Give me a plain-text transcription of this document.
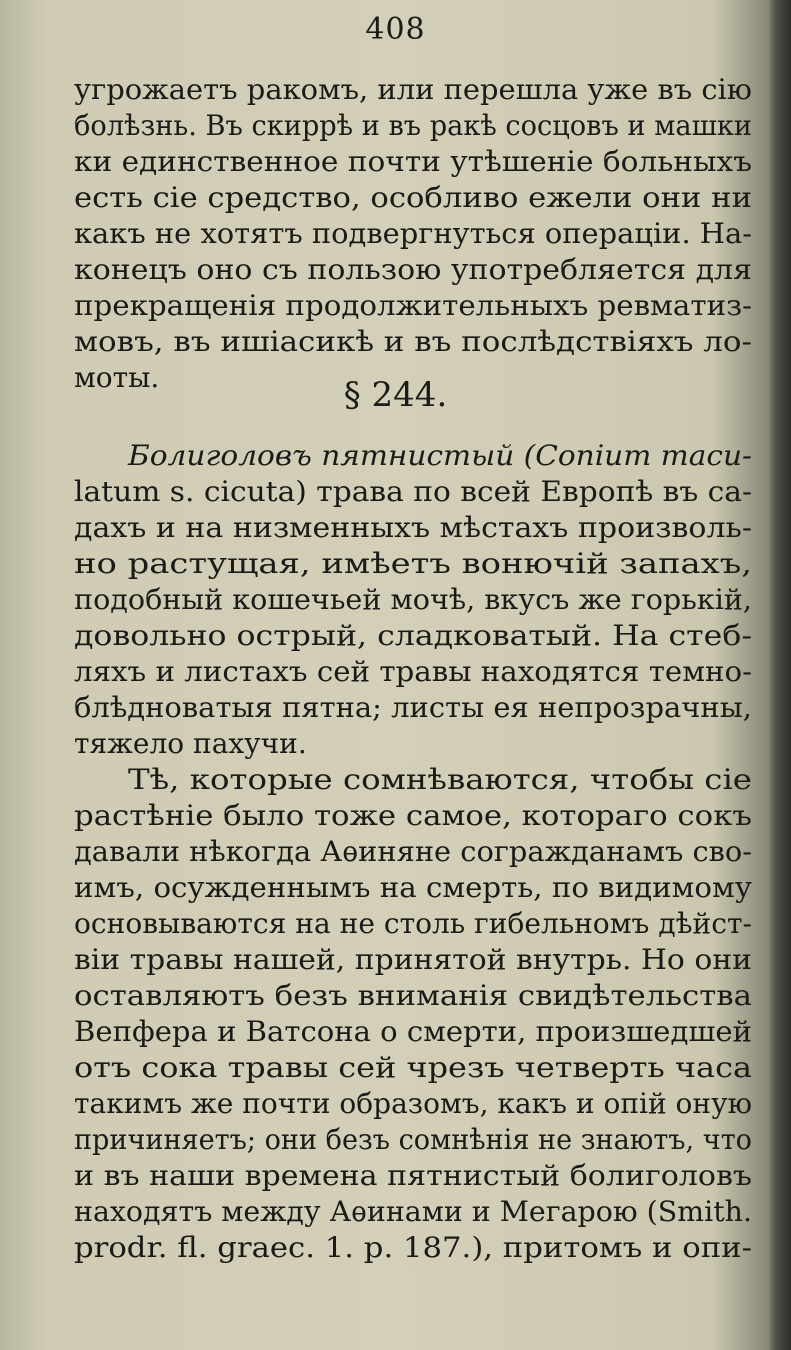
408
угрожаетъ ракомъ, или перешла уже въ сію
болѣзнь. Въ скиррѣ и въ ракѣ сосцовъ и машки
ки единственное почти утѣшеніе больныхъ
есть сіе средство, особливо ежели они ни
какъ не хотятъ подвергнуться операціи. На-
конецъ оно съ пользою употребляется для
прекращенія продолжительныхъ ревматиз-
мовъ, въ ишіасикѣ и въ послѣдствіяхъ ло-
моты.	§ 244.
Болиголовъ пятнистый (Conium macu-
latum s. cicuta) трава по всей Европѣ въ са-
дахъ и на низменныхъ мѣстахъ произволь-
но растущая, имѣетъ вонючій запахъ,
подобный кошечьей мочѣ, вкусъ же горькій,
довольно острый, сладковатый. На стеб-
ляхъ и листахъ сей травы находятся темно-
блѣдноватыя пятна; листы ея непрозрачны,
тяжело пахучи.
Тѣ, которые сомнѣваются, чтобы сіе
растѣніе было тоже самое, котораго сокъ
давали нѣкогда Аѳиняне согражданамъ сво-
имъ, осужденнымъ на смерть, по видимому
основываются на не столь гибельномъ дѣйст-
віи травы нашей, принятой внутрь. Но они
оставляютъ безъ вниманія свидѣтельства
Вепфера и Ватсона о смерти, произшедшей
отъ сока травы сей чрезъ четверть часа
такимъ же почти образомъ, какъ и опій оную
причиняетъ; они безъ сомнѣнія не знаютъ, что
и въ наши времена пятнистый болиголовъ
находятъ между Аѳинами и Мегарою (Smith.
prodr. fl. graec. 1. p. 187.), притомъ и опи-
